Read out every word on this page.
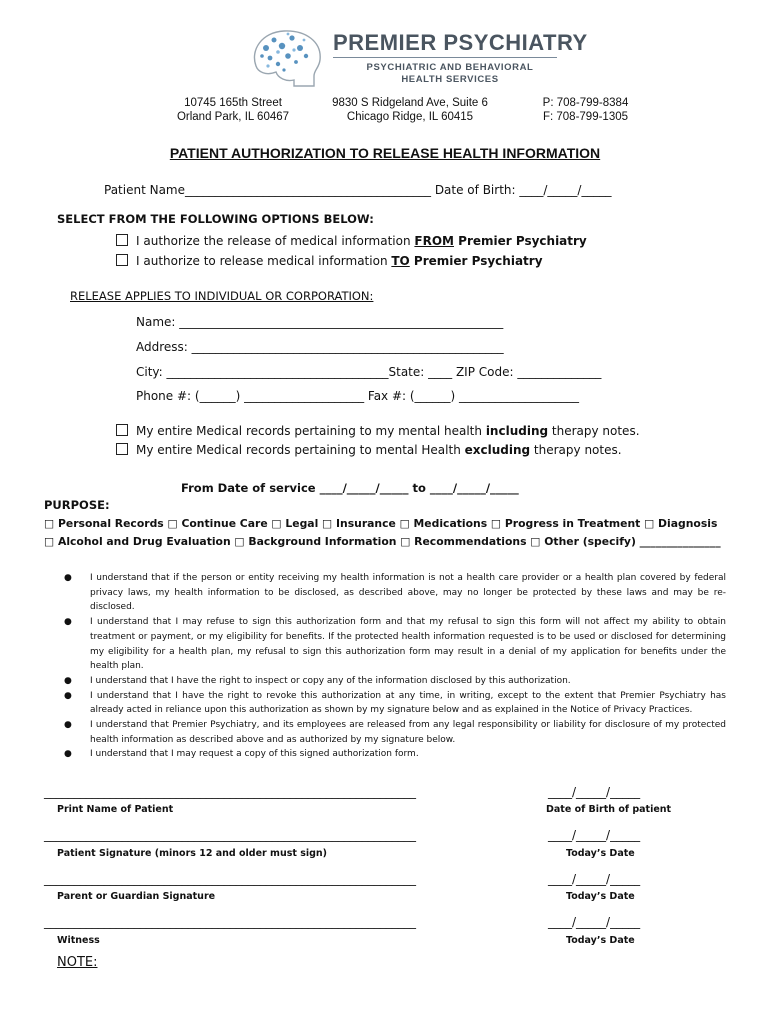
PREMIER PSYCHIATRY
PSYCHIATRIC AND BEHAVIORAL HEALTH SERVICES
10745 165th Street
Orland Park, IL 60467
9830 S Ridgeland Ave, Suite 6
Chicago Ridge, IL 60415
P: 708-799-8384
F: 708-799-1305
PATIENT AUTHORIZATION TO RELEASE HEALTH INFORMATION
Patient Name_________________________________________ Date of Birth: ____/_____/_____
SELECT FROM THE FOLLOWING OPTIONS BELOW:
I authorize the release of medical information FROM Premier Psychiatry
I authorize to release medical information TO Premier Psychiatry
RELEASE APPLIES TO INDIVIDUAL OR CORPORATION:
Name: ______________________________________________________
Address: ____________________________________________________
City: _____________________________________State: ____ ZIP Code: ______________
Phone #: (______) ____________________ Fax #: (______) ____________________
My entire Medical records pertaining to my mental health including therapy notes.
My entire Medical records pertaining to mental Health excluding therapy notes.
From Date of service ____/_____/_____ to ____/_____/_____
PURPOSE:
□ Personal Records □ Continue Care □ Legal □ Insurance □ Medications □ Progress in Treatment □ Diagnosis
□ Alcohol and Drug Evaluation □ Background Information □ Recommendations □ Other (specify) _______________
● I understand that if the person or entity receiving my health information is not a health care provider or a health plan covered by federal privacy laws, my health information to be disclosed, as described above, may no longer be protected by these laws and may be re-disclosed.
● I understand that I may refuse to sign this authorization form and that my refusal to sign this form will not affect my ability to obtain treatment or payment, or my eligibility for benefits. If the protected health information requested is to be used or disclosed for determining my eligibility for a health plan, my refusal to sign this authorization form may result in a denial of my application for benefits under the health plan.
● I understand that I have the right to inspect or copy any of the information disclosed by this authorization.
● I understand that I have the right to revoke this authorization at any time, in writing, except to the extent that Premier Psychiatry has already acted in reliance upon this authorization as shown by my signature below and as explained in the Notice of Privacy Practices.
● I understand that Premier Psychiatry, and its employees are released from any legal responsibility or liability for disclosure of my protected health information as described above and as authorized by my signature below.
● I understand that I may request a copy of this signed authorization form.
______________________________________________________________	____/_____/_____
Print Name of Patient	Date of Birth of patient
______________________________________________________________	____/_____/_____
Patient Signature (minors 12 and older must sign)	Today’s Date
______________________________________________________________	____/_____/_____
Parent or Guardian Signature	Today’s Date
______________________________________________________________	____/_____/_____
Witness	Today’s Date
NOTE:
